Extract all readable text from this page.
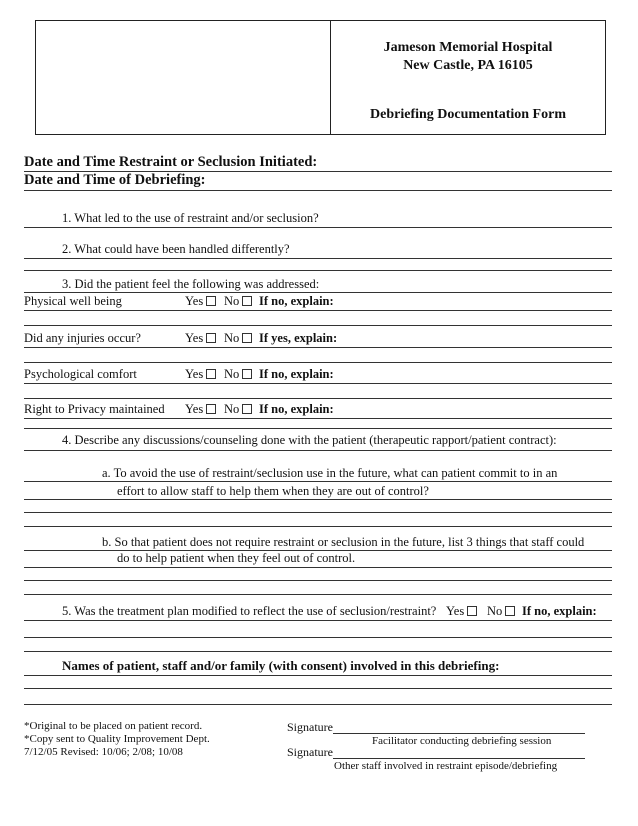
Jameson Memorial Hospital
New Castle, PA 16105
Debriefing Documentation Form
Date and Time Restraint or Seclusion Initiated:
Date and Time of Debriefing:
1. What led to the use of restraint and/or seclusion?
2. What could have been handled differently?
3. Did the patient feel the following was addressed:
Physical well being	Yes	No	If no, explain:
Did any injuries occur?	Yes	No	If yes, explain:
Psychological comfort	Yes	No	If no, explain:
Right to Privacy maintained Yes	No	If no, explain:
4. Describe any discussions/counseling done with the patient (therapeutic rapport/patient contract):
a. To avoid the use of restraint/seclusion use in the future, what can patient commit to in an
effort to allow staff to help them when they are out of control?
b. So that patient does not require restraint or seclusion in the future, list 3 things that staff could
do to help patient when they feel out of control.
5. Was the treatment plan modified to reflect the use of seclusion/restraint? Yes	No	If no, explain:
Names of patient, staff and/or family (with consent) involved in this debriefing:
*Original to be placed on patient record.
*Copy sent to Quality Improvement Dept.
7/12/05 Revised: 10/06; 2/08; 10/08
Signature
Facilitator conducting debriefing session
Signature
Other staff involved in restraint episode/debriefing
